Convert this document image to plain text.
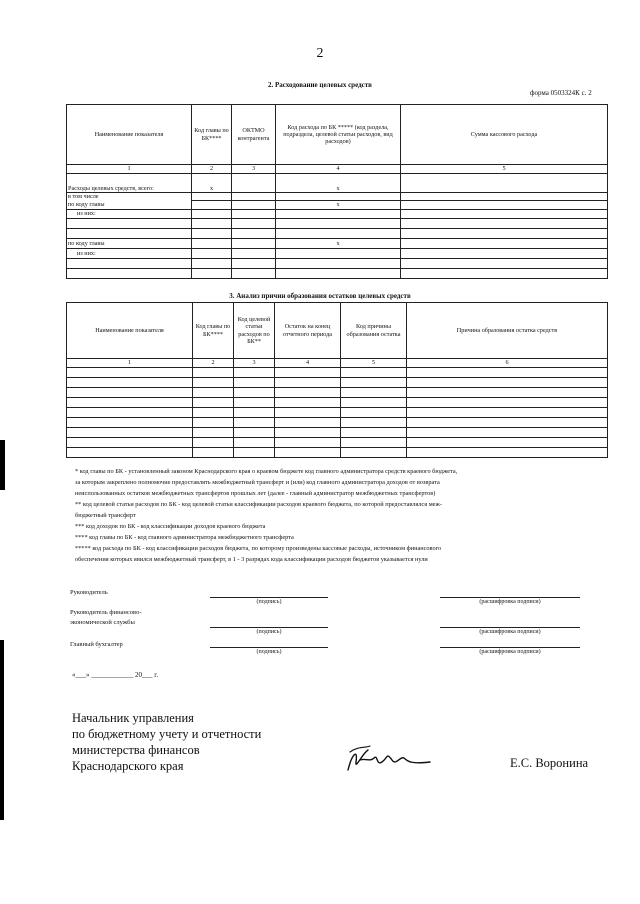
2
2. Расходование целевых средств
форма 0503324К с. 2
Наименование показателя	Код главы по БК****	ОКТМО контрагента	Код расхода по БК ***** (код раздела, подраздела, целевой статьи расходов, вид расходов)	Сумма кассового расхода
1	2	3	4	5
Расходы целевых средств, всего:	x		x	
в том числе				
по коду главы			x	
из них:				

по коду главы			x	
из них:				

3. Анализ причин образования остатков целевых средств
Наименование показателя	Код главы по БК****	Код целевой статьи расходов по БК**	Остаток на конец отчетного периода	Код причины образования остатка	Причина образования остатка средств
1	2	3	4	5	6

* код главы по БК - установленный законом Краснодарского края о краевом бюджете код главного администратора средств краевого бюджета,
за которым закреплено полномочие предоставлять межбюджетный трансферт и (или) код главного администратора доходов от возврата
неиспользованных остатков межбюджетных трансфертов прошлых лет (далее - главный администратор межбюджетных трансфертов)
** код целевой статьи расходов по БК - код целевой статьи классификации расходов краевого бюджета, по которой предоставлялся меж-
бюджетный трансферт
*** код доходов по БК - код классификации доходов краевого бюджета
**** код главы по БК - код главного администратора межбюджетного трансферта
***** код расхода по БК - код классификации расходов бюджета, по которому произведены кассовые расходы, источником финансового
обеспечения которых явился межбюджетный трансферт, в 1 - 3 разрядах кода классификации расходов бюджетов указывается нули
Руководитель
(подпись)	(расшифровка подписи)
Руководитель финансово-
экономической службы
(подпись)	(расшифровка подписи)
Главный бухгалтер
(подпись)	(расшифровка подписи)
«___» ____________ 20___ г.
Начальник управления
по бюджетному учету и отчетности
министерства финансов
Краснодарского края	Е.С. Воронина
